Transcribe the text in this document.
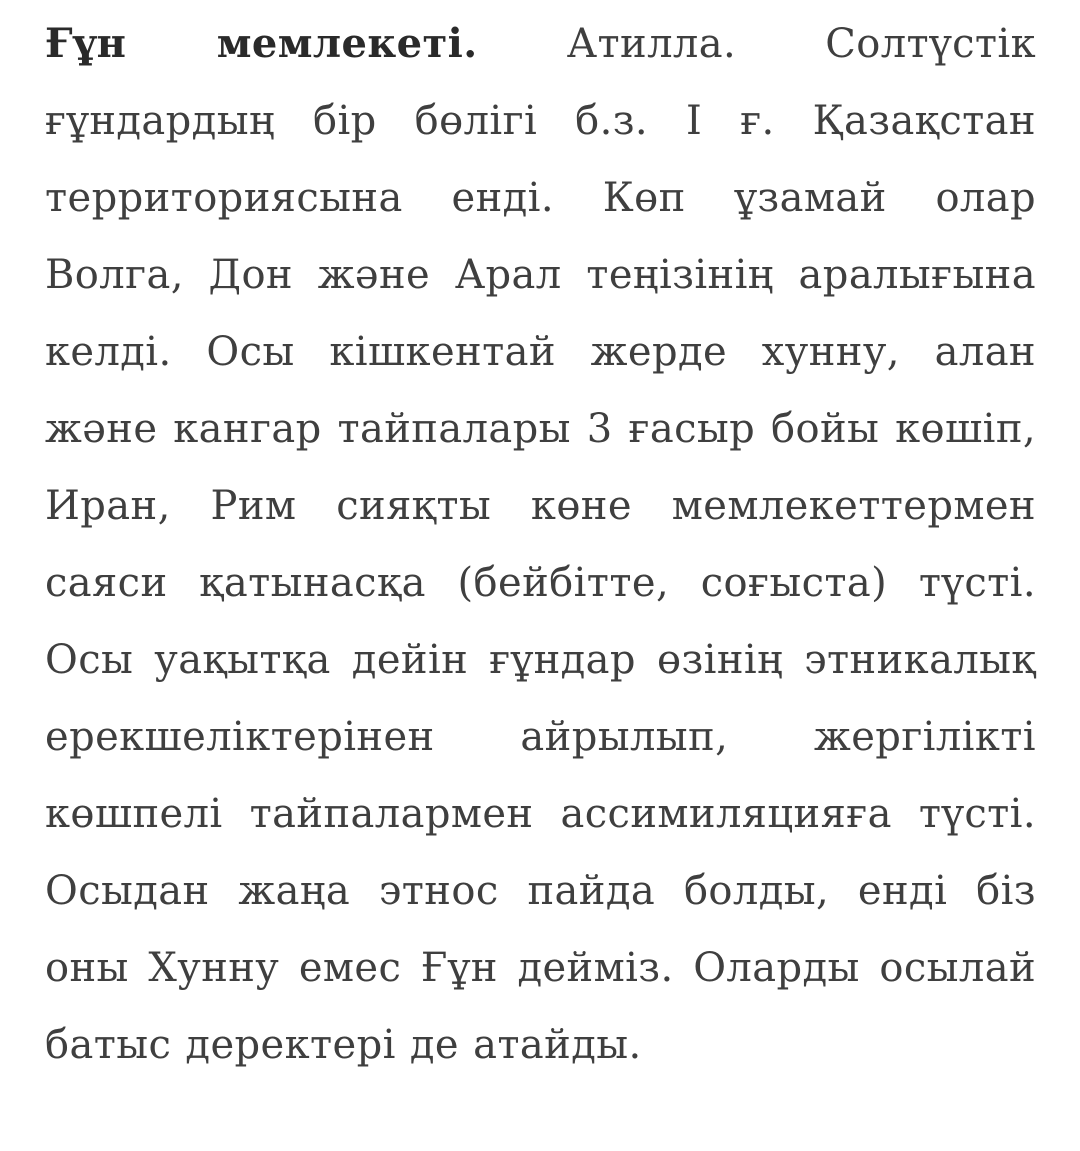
Ғұн мемлекеті. Атилла. Солтүстік ғұндардың бір бөлігі б.з. І ғ. Қазақстан территориясына енді. Көп ұзамай олар Волга, Дон және Арал теңізінің аралығына келді. Осы кішкентай жерде хунну, алан және кангар тайпалары 3 ғасыр бойы көшіп, Иран, Рим сияқты көне мемлекеттермен саяси қатынасқа (бейбітте, соғыста) түсті. Осы уақытқа дейін ғұндар өзінің этникалық ерекшеліктерінен айрылып, жергілікті көшпелі тайпалармен ассимиляцияға түсті. Осыдан жаңа этнос пайда болды, енді біз оны Хунну емес Ғұн дейміз. Оларды осылай батыс деректері де атайды.
